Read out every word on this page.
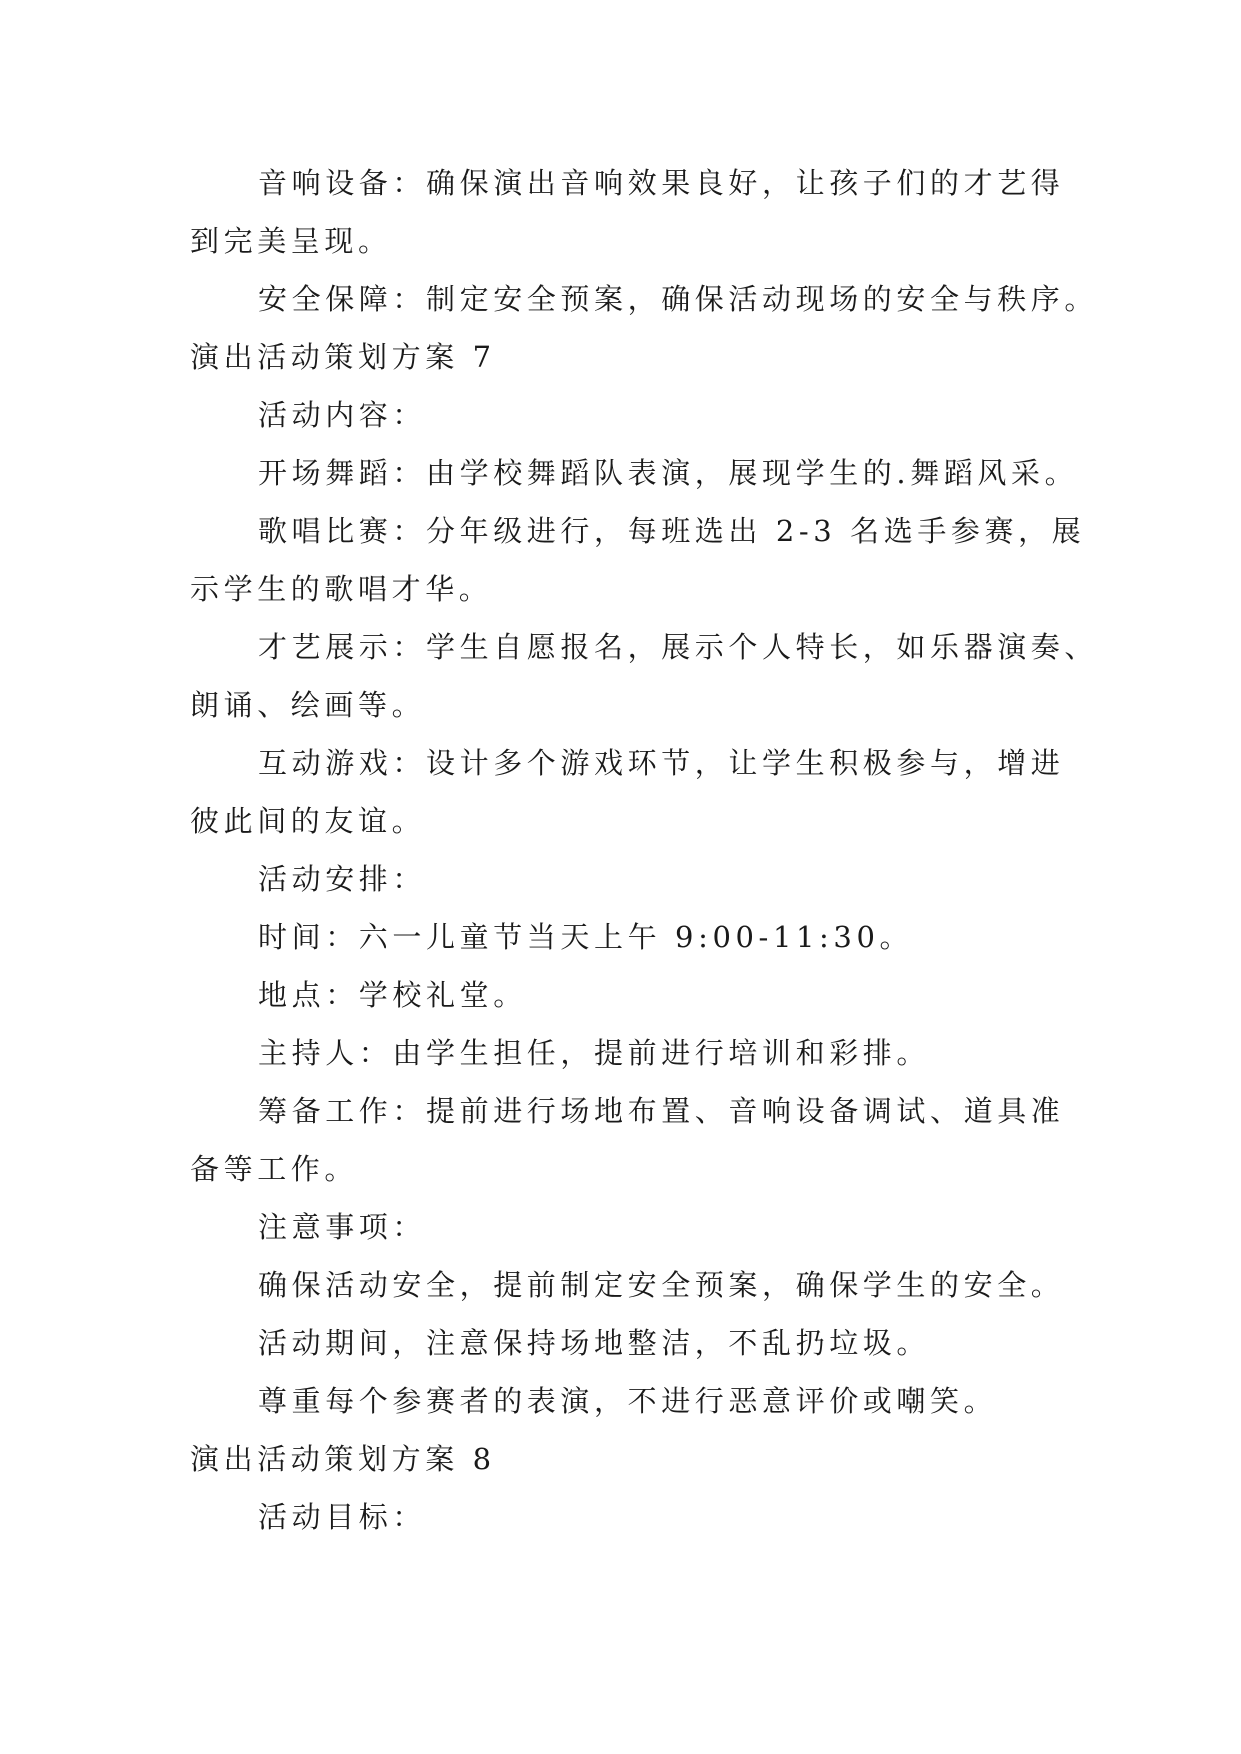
音响设备：确保演出音响效果良好，让孩子们的才艺得
到完美呈现。
安全保障：制定安全预案，确保活动现场的安全与秩序。
演出活动策划方案 7
活动内容：
开场舞蹈：由学校舞蹈队表演，展现学生的.舞蹈风采。
歌唱比赛：分年级进行，每班选出 2-3 名选手参赛，展
示学生的歌唱才华。
才艺展示：学生自愿报名，展示个人特长，如乐器演奏、
朗诵、绘画等。
互动游戏：设计多个游戏环节，让学生积极参与，增进
彼此间的友谊。
活动安排：
时间：六一儿童节当天上午 9:00-11:30。
地点：学校礼堂。
主持人：由学生担任，提前进行培训和彩排。
筹备工作：提前进行场地布置、音响设备调试、道具准
备等工作。
注意事项：
确保活动安全，提前制定安全预案，确保学生的安全。
活动期间，注意保持场地整洁，不乱扔垃圾。
尊重每个参赛者的表演，不进行恶意评价或嘲笑。
演出活动策划方案 8
活动目标：
